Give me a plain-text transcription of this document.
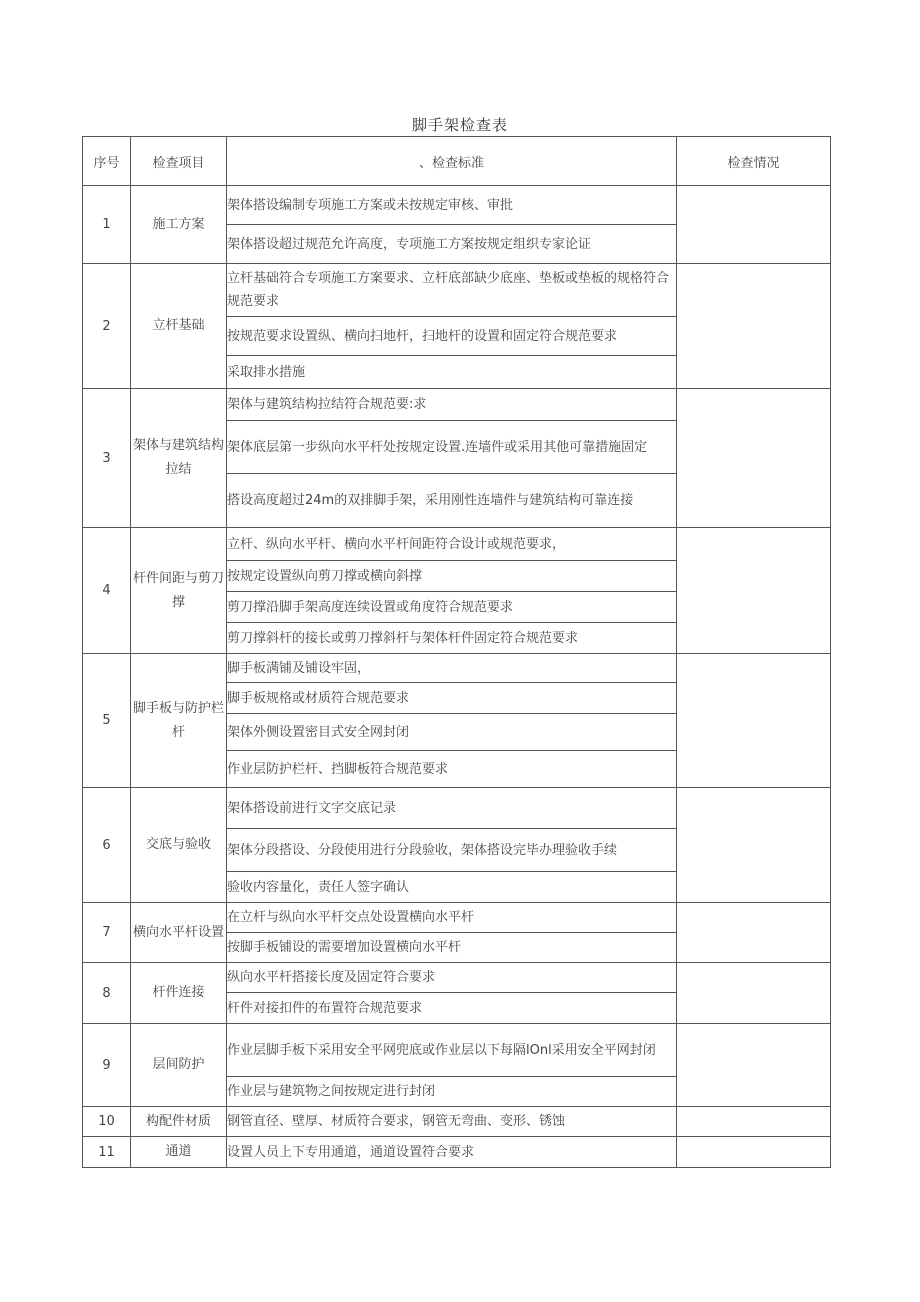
脚手架检查表
序号	检查项目	、检查标准	检查情况
1	施工方案	架体搭设编制专项施工方案或未按规定审核、审批	
		架体搭设超过规范允许高度，专项施工方案按规定组织专家论证	
2	立杆基础	立杆基础符合专项施工方案要求、立杆底部缺少底座、垫板或垫板的规格符合规范要求	
		按规范要求设置纵、横向扫地杆，扫地杆的设置和固定符合规范要求	
		采取排水措施	
3	架体与建筑结构拉结	架体与建筑结构拉结符合规范要:求	
		架体底层第一步纵向水平杆处按规定设置.连墙件或采用其他可靠措施固定	
		搭设高度超过24m的双排脚手架，采用刚性连墙件与建筑结构可靠连接	
4	杆件间距与剪刀撑	立杆、纵向水平杆、横向水平杆间距符合设计或规范要求，	
		按规定设置纵向剪刀撑或横向斜撑	
		剪刀撑沿脚手架高度连续设置或角度符合规范要求	
		剪刀撑斜杆的接长或剪刀撑斜杆与架体杆件固定符合规范要求	
5	脚手板与防护栏杆	脚手板满铺及铺设牢固，	
		脚手板规格或材质符合规范要求	
		架体外侧设置密目式安全网封闭	
		作业层防护栏杆、挡脚板符合规范要求	
6	交底与验收	架体搭设前进行文字交底记录	
		架体分段搭设、分段使用进行分段验收，架体搭设完毕办理验收手续	
		验收内容量化，责任人签字确认	
7	横向水平杆设置	在立杆与纵向水平杆交点处设置横向水平杆	
		按脚手板铺设的需要增加设置横向水平杆	
8	杆件连接	纵向水平杆搭接长度及固定符合要求	
		杆件对接扣件的布置符合规范要求	
9	层间防护	作业层脚手板下采用安全平网兜底或作业层以下每隔lOnl采用安全平网封闭	
		作业层与建筑物之间按规定进行封闭	
10	构配件材质	钢管直径、壁厚、材质符合要求，钢管无弯曲、变形、锈蚀	
11	通道	设置人员上下专用通道，通道设置符合要求	
